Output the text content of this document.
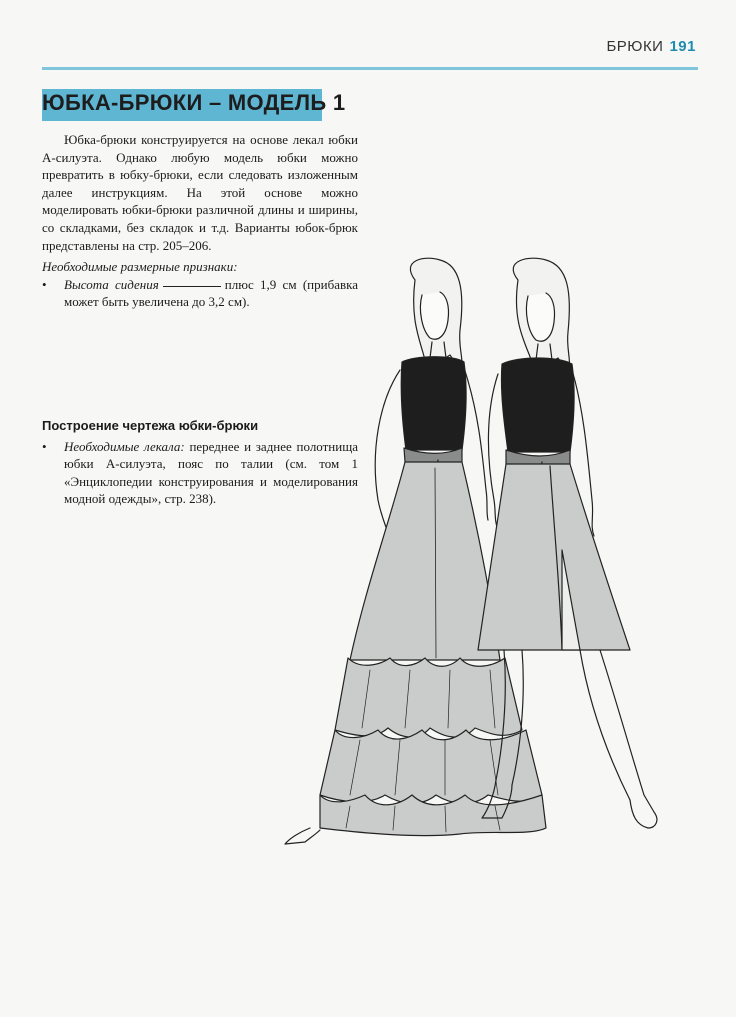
БРЮКИ 191
ЮБКА-БРЮКИ – МОДЕЛЬ 1

Юбка-брюки конструируется на основе лекал юбки А-силуэта. Однако любую модель юбки можно превратить в юбку-брюки, если следовать изложенным далее инструкциям. На этой основе можно моделировать юбки-брюки различной длины и ширины, со складками, без складок и т.д. Варианты юбок-брюк представлены на стр. 205–206.

Необходимые размерные признаки:

• Высота сидения	плюс 1,9 см (прибавка может быть увеличена до 3,2 см).

Построение чертежа юбки-брюки

• Необходимые лекала: переднее и заднее полотнища юбки А-силуэта, пояс по талии (см. том 1 «Энциклопедии конструирования и моделирования модной одежды», стр. 238).
